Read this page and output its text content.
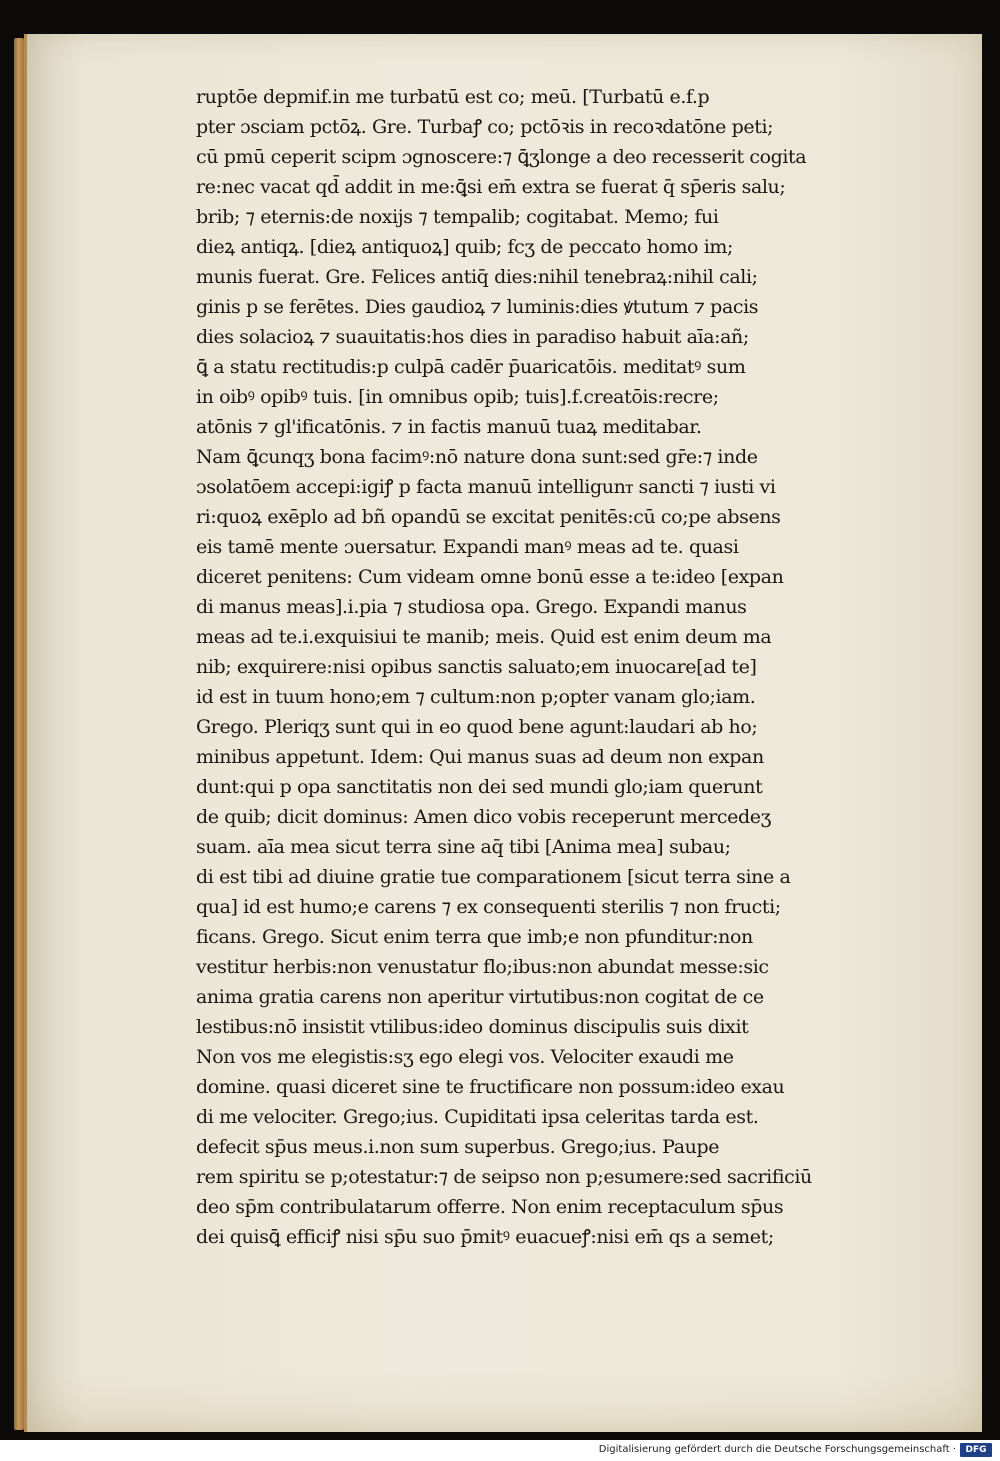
ruptōe depmif.in me turbatū est co; meū. [Turbatū e.f.p
pter ɔsciam pctōꝝ. Gre. Turbaꝭ co; pctōꝛis in recoꝛdatōne peti;
cū pmū ceperit scipm ɔgnoscere:⁊ ꝗ̄ʒlonge a deo recesserit cogita
re:nec vacat qd̄ addit in me:ꝗ̄si em̄ extra se fuerat q̄ sp̄eris salu;
brib; ⁊ eternis:de noxijs ⁊ tempalib; cogitabat. Memo; fui
dieꝝ antiqꝝ. [dieꝝ antiquoꝝ] quib; fcʒ de peccato homo im;
munis fuerat. Gre. Felices antiq̄ dies:nihil tenebraꝝ:nihil cali;
ginis p se ferētes. Dies gaudioꝝ ⁊ luminis:dies ꝟtutum ⁊ pacis
dies solacioꝝ ⁊ suauitatis:hos dies in paradiso habuit aīa:añ;
ꝗ̄ a statu rectitudis:p culpā cadēr p̄uaricatōis. meditatꝰ sum
in oibꝰ opibꝰ tuis. [in omnibus opib; tuis].f.creatōis:recre;
atōnis ⁊ gl'ificatōnis. ⁊ in factis manuū tuaꝝ meditabar.
Nam ꝗ̄cunqʒ bona facimꝰ:nō nature dona sunt:sed gr̄e:⁊ inde
ɔsolatōem accepi:igiꝭ p facta manuū intelligunꭲ sancti ⁊ iusti vi
ri:quoꝝ exēplo ad bñ opandū se excitat penitēs:cū co;pe absens
eis tamē mente ɔuersatur. Expandi manꝰ meas ad te. quasi
diceret penitens: Cum videam omne bonū esse a te:ideo [expan
di manus meas].i.pia ⁊ studiosa opa. Grego. Expandi manus
meas ad te.i.exquisiui te manib; meis. Quid est enim deum ma
nib; exquirere:nisi opibus sanctis saluato;em inuocare[ad te]
id est in tuum hono;em ⁊ cultum:non p;opter vanam glo;iam.
Grego. Pleriqʒ sunt qui in eo quod bene agunt:laudari ab ho;
minibus appetunt. Idem: Qui manus suas ad deum non expan
dunt:qui p opa sanctitatis non dei sed mundi glo;iam querunt
de quib; dicit dominus: Amen dico vobis receperunt mercedeʒ
suam. aīa mea sicut terra sine aq̄ tibi [Anima mea] subau;
di est tibi ad diuine gratie tue comparationem [sicut terra sine a
qua] id est humo;e carens ⁊ ex consequenti sterilis ⁊ non fructi;
ficans. Grego. Sicut enim terra que imb;e non pfunditur:non
vestitur herbis:non venustatur flo;ibus:non abundat messe:sic
anima gratia carens non aperitur virtutibus:non cogitat de ce
lestibus:nō insistit vtilibus:ideo dominus discipulis suis dixit
Non vos me elegistis:sʒ ego elegi vos. Velociter exaudi me
domine. quasi diceret sine te fructificare non possum:ideo exau
di me velociter. Grego;ius. Cupiditati ipsa celeritas tarda est.
defecit sp̄us meus.i.non sum superbus. Grego;ius. Paupe
rem spiritu se p;otestatur:⁊ de seipso non p;esumere:sed sacrificiū
deo sp̄m contribulatarum offerre. Non enim receptaculum sp̄us
dei quisꝗ̄ efficiꝭ nisi sp̄u suo p̄mitꝰ euacueꝭ:nisi em̄ qs a semet;
Digitalisierung gefördert durch die Deutsche Forschungsgemeinschaft ·	DFG
